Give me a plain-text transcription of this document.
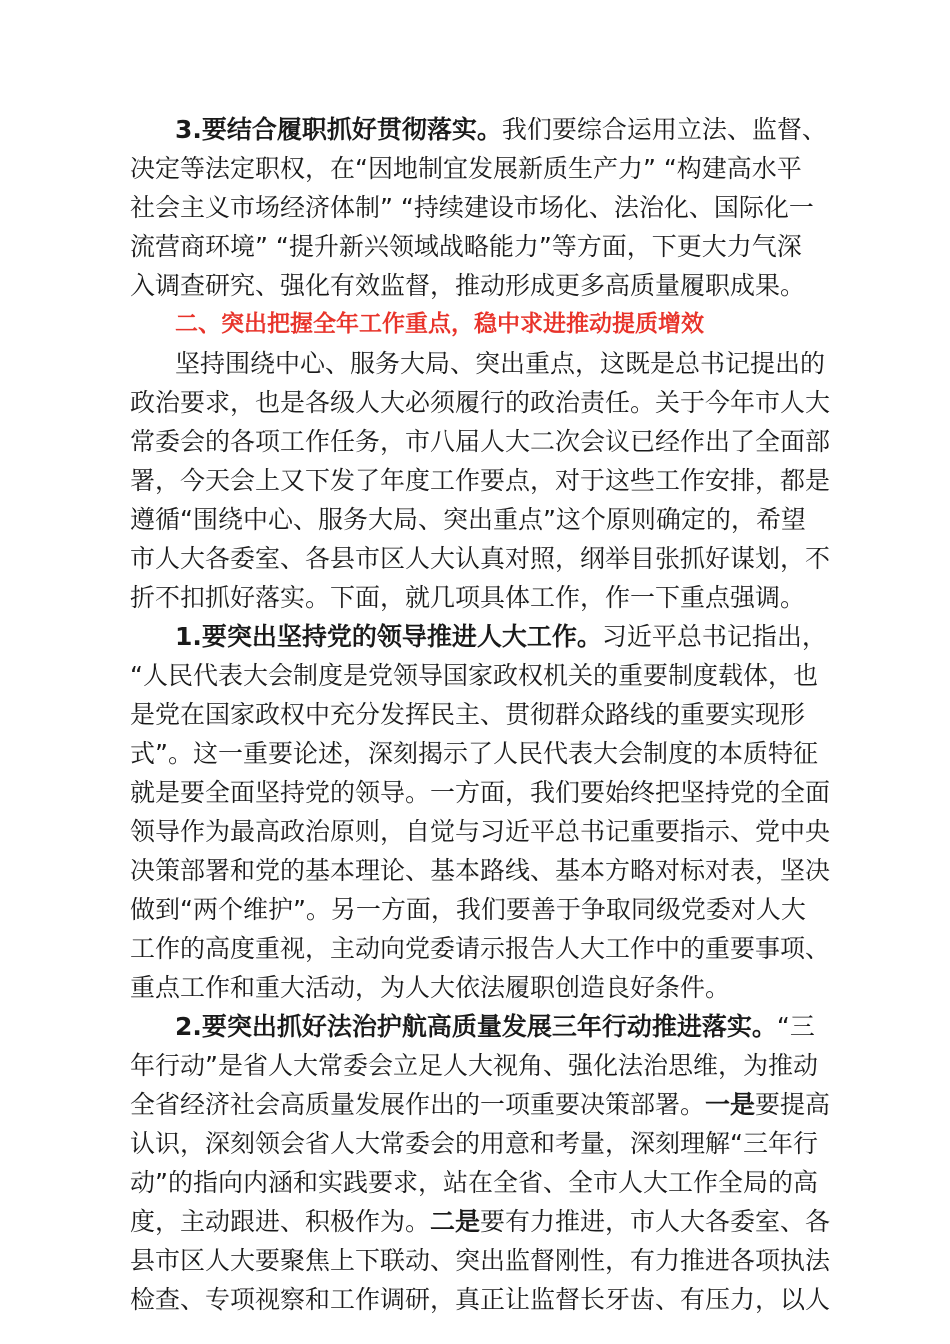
3.要结合履职抓好贯彻落实。我们要综合运用立法、监督、
决定等法定职权，在“因地制宜发展新质生产力” “构建高水平
社会主义市场经济体制” “持续建设市场化、法治化、国际化一
流营商环境” “提升新兴领域战略能力”等方面，下更大力气深
入调查研究、强化有效监督，推动形成更多高质量履职成果。
二、突出把握全年工作重点，稳中求进推动提质增效
坚持围绕中心、服务大局、突出重点，这既是总书记提出的
政治要求，也是各级人大必须履行的政治责任。关于今年市人大
常委会的各项工作任务，市八届人大二次会议已经作出了全面部
署，今天会上又下发了年度工作要点，对于这些工作安排，都是
遵循“围绕中心、服务大局、突出重点”这个原则确定的，希望
市人大各委室、各县市区人大认真对照，纲举目张抓好谋划，不
折不扣抓好落实。下面，就几项具体工作，作一下重点强调。
1.要突出坚持党的领导推进人大工作。习近平总书记指出，
“人民代表大会制度是党领导国家政权机关的重要制度载体，也
是党在国家政权中充分发挥民主、贯彻群众路线的重要实现形
式”。这一重要论述，深刻揭示了人民代表大会制度的本质特征
就是要全面坚持党的领导。一方面，我们要始终把坚持党的全面
领导作为最高政治原则，自觉与习近平总书记重要指示、党中央
决策部署和党的基本理论、基本路线、基本方略对标对表，坚决
做到“两个维护”。另一方面，我们要善于争取同级党委对人大
工作的高度重视，主动向党委请示报告人大工作中的重要事项、
重点工作和重大活动，为人大依法履职创造良好条件。
2.要突出抓好法治护航高质量发展三年行动推进落实。“三
年行动”是省人大常委会立足人大视角、强化法治思维，为推动
全省经济社会高质量发展作出的一项重要决策部署。一是要提高
认识，深刻领会省人大常委会的用意和考量，深刻理解“三年行
动”的指向内涵和实践要求，站在全省、全市人大工作全局的高
度，主动跟进、积极作为。二是要有力推进，市人大各委室、各
县市区人大要聚焦上下联动、突出监督刚性，有力推进各项执法
检查、专项视察和工作调研，真正让监督长牙齿、有压力，以人
